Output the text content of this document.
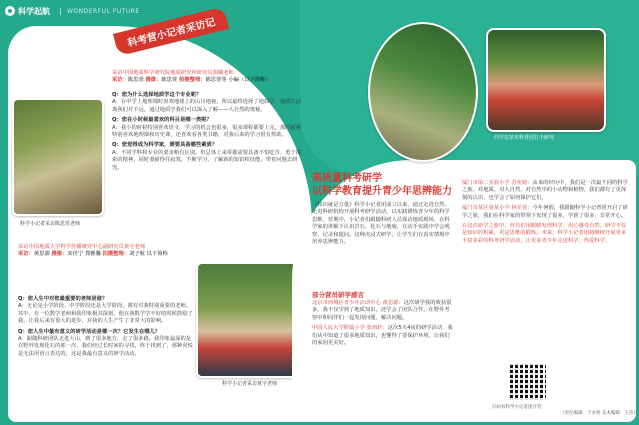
科学起航	WONDERFUL FUTURE
科考营小记者采访记
科学小记者采访陈思萱老师
采访中国地质科学研究院地质研究所研究员郭曦老师
采访：陈思萱 摄像：陈思萱 拍摄整理：陈思萱等 小编（以下简称）
Q：您为什么选择地质学这个专业呢？
A：在中学上地理课时喜欢地球上的山川地貌，所以最终选择了地质学。地质生活离我们并不远，通过地质学我们可以深入了解——大自然的奥秘。
Q：您在小时候最喜欢的科目是哪一类呢？
A：我小的时候特别喜欢语文，学习的机会也很多，很多课程都要上完。那时候我特别喜欢地理课和历史课，还喜欢看各类书籍，对我后来的学习很有帮助。
Q：您觉得成为科学家，需要具备哪些素质？
A：不同学科和专业的要求稍有区别，但总体上来讲都需要具备不怕吃苦、勇于探索的精神，同时要耐得住寂寞，不断学习，了解新的知识和技能，带着问题去研究。
采访中国地质大学科学传播研究中心副研究员黄宇老师
采访：黄思源 摄像：宋佳宁 郑雅馨 拍摄整理：刘子航 以下简称
科学小记者采访黄宇老师
Q：您人生中对您最重要的老师是谁？
A：无论是小学阶段、中学阶段还是大学阶段，都有对我特别重要的老师。其中，有一位数学老师和我印象极其深刻，他在我数学学不好的时候鼓励了我，让我后来有很大的进步，对我的人生产生了非常大的影响。
Q：您人生中最有意义的研学活动是哪一次？它发生在哪儿？
A：跟随科研团队走进大山，到了很多地方，走了很多路。我印象最深的是在野外发现化石的那一次，我们经过长时间的寻找，终于找到了，那种喜悦是无法用语言表达的，这是我最有意义的研学活动。
黄河古道研学营
同学在苗木科普园打卡研究
高质量科考研学
以科学教育提升青少年思辨能力
《知识就是力量》科学小记者团成立以来，通过走进自然、走进科研机构开展科考研学活动，以实践锤炼青少年的科学思维。营期中，小记者们跟随科研人员探访地质现场，在科学家的讲解下认识岩石、化石与地貌，在动手实践中学会观察、记录和提问。这种沉浸式研学，让学生们在真实情境中培养思辨能力。
部分营员研学感言
北京市西城区青少年活动中心 黄思源：这次研学我的收获很多，我不仅学到了地质知识，还学会了团队合作，在野外考察中和同伴们一起发现问题、解决问题。
中国人民大学附属小学 张雨轩：这次5天4夜的研学活动，我们从中知道了很多地质知识，也懂得了要保护环境，让我们的家园更美好。
厦门市第二实验小学 苏奕铭：从来的经历中，我们是一次最不同的科学之旅。对地质、对大自然、对自然中的小动物和植物，我们都有了更深刻的认识，也学会了如何保护它们。
厦门市某区第某小学 林芷萱：今年暑假，我跟随科学小记者团开启了研学之旅，我们在科学家的带领下发现了很多，学到了很多，非常开心。
在这次研学之旅中，营员们用眼睛发现科学，用心感受自然。研学不仅是知识的积累，更是思维的锻炼。未来，科学小记者团将继续开展更多丰富多彩的科考研学活动，让更多青少年走进科学、热爱科学。
扫码看科学小记者团开营
（责任编辑：于永明 美术编辑：王苗）
